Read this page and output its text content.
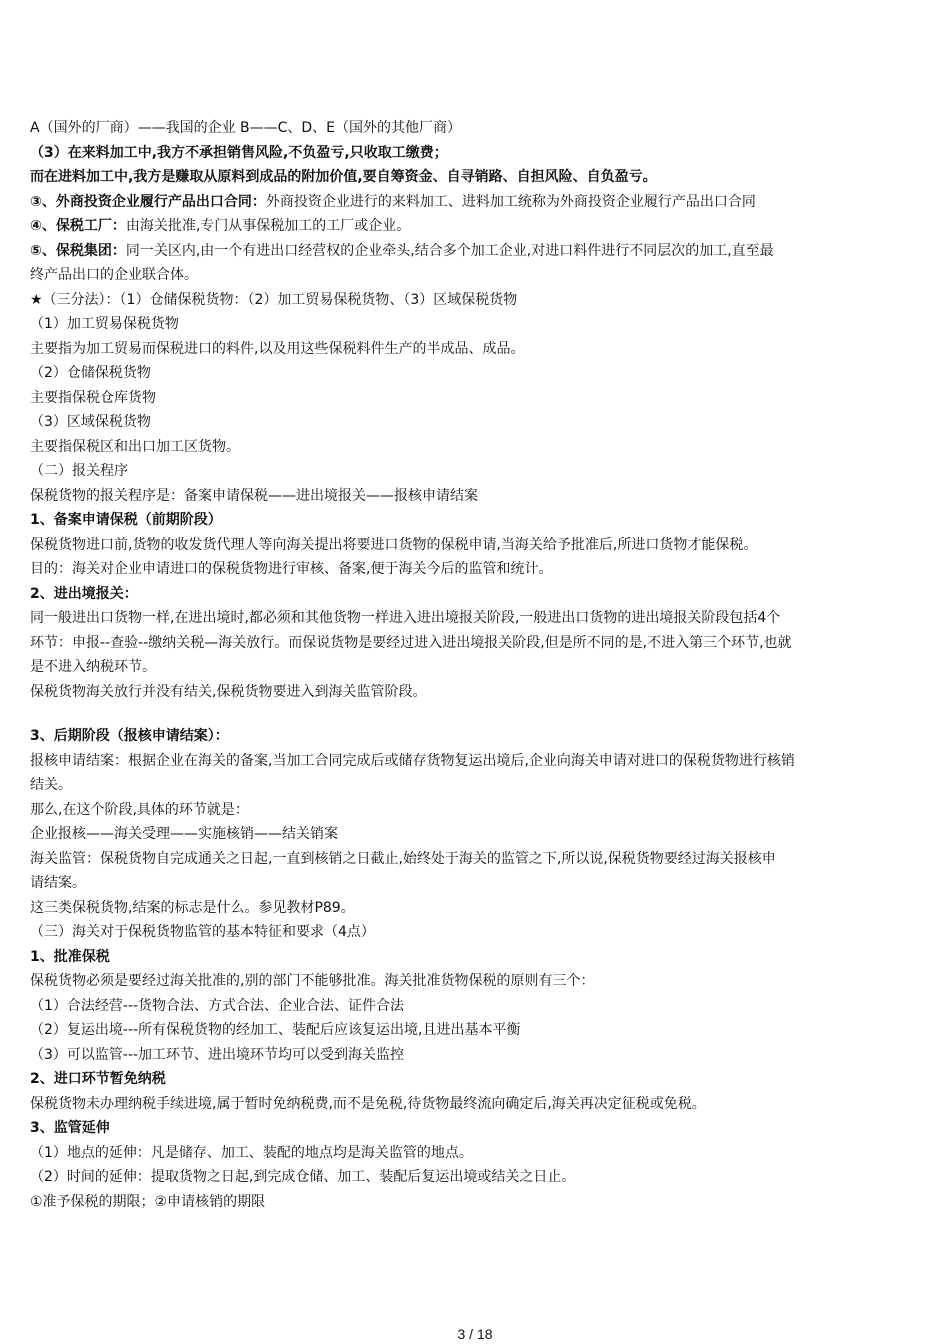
A（国外的厂商）——我国的企业 B——C、D、E（国外的其他厂商）
（3）在来料加工中,我方不承担销售风险,不负盈亏,只收取工缴费；
而在进料加工中,我方是赚取从原料到成品的附加价值,要自筹资金、自寻销路、自担风险、自负盈亏。
③、外商投资企业履行产品出口合同：外商投资企业进行的来料加工、进料加工统称为外商投资企业履行产品出口合同
④、保税工厂：由海关批准,专门从事保税加工的工厂或企业。
⑤、保税集团：同一关区内,由一个有进出口经营权的企业牵头,结合多个加工企业,对进口料件进行不同层次的加工,直至最
终产品出口的企业联合体。
★（三分法）：（1）仓储保税货物：（2）加工贸易保税货物、（3）区域保税货物
（1）加工贸易保税货物
主要指为加工贸易而保税进口的料件,以及用这些保税料件生产的半成品、成品。
（2）仓储保税货物
主要指保税仓库货物
（3）区域保税货物
主要指保税区和出口加工区货物。
（二）报关程序
保税货物的报关程序是：备案申请保税——进出境报关——报核申请结案
1、备案申请保税（前期阶段）
保税货物进口前,货物的收发货代理人等向海关提出将要进口货物的保税申请,当海关给予批准后,所进口货物才能保税。
目的：海关对企业申请进口的保税货物进行审核、备案,便于海关今后的监管和统计。
2、进出境报关：
同一般进出口货物一样,在进出境时,都必须和其他货物一样进入进出境报关阶段,一般进出口货物的进出境报关阶段包括4个
环节：申报--查验--缴纳关税—海关放行。而保说货物是要经过进入进出境报关阶段,但是所不同的是,不进入第三个环节,也就
是不进入纳税环节。
保税货物海关放行并没有结关,保税货物要进入到海关监管阶段。
3、后期阶段（报核申请结案）：
报核申请结案：根据企业在海关的备案,当加工合同完成后或储存货物复运出境后,企业向海关申请对进口的保税货物进行核销
结关。
那么,在这个阶段,具体的环节就是：
企业报核——海关受理——实施核销——结关销案
海关监管：保税货物自完成通关之日起,一直到核销之日截止,始终处于海关的监管之下,所以说,保税货物要经过海关报核申
请结案。
这三类保税货物,结案的标志是什么。参见教材P89。
（三）海关对于保税货物监管的基本特征和要求（4点）
1、批准保税
保税货物必须是要经过海关批准的,别的部门不能够批准。海关批准货物保税的原则有三个：
（1）合法经营---货物合法、方式合法、企业合法、证件合法
（2）复运出境---所有保税货物的经加工、装配后应该复运出境,且进出基本平衡
（3）可以监管---加工环节、进出境环节均可以受到海关监控
2、进口环节暂免纳税
保税货物未办理纳税手续进境,属于暂时免纳税费,而不是免税,待货物最终流向确定后,海关再决定征税或免税。
3、监管延伸
（1）地点的延伸：凡是储存、加工、装配的地点均是海关监管的地点。
（2）时间的延伸：提取货物之日起,到完成仓储、加工、装配后复运出境或结关之日止。
①准予保税的期限；②申请核销的期限
3 / 18
